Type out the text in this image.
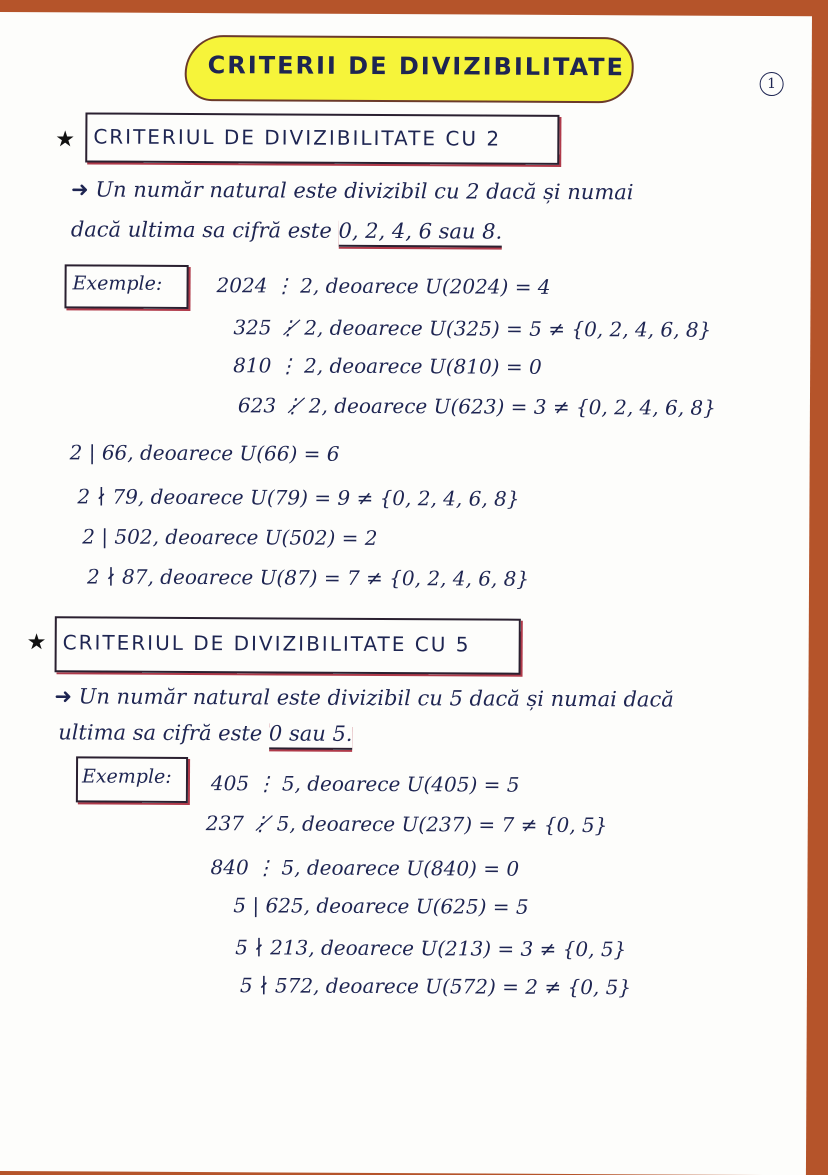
CRITERII DE DIVIZIBILITATE
1
★ CRITERIUL DE DIVIZIBILITATE CU 2
➜ Un număr natural este divizibil cu 2 dacă și numai
dacă ultima sa cifră este 0, 2, 4, 6 sau 8.
Exemple:	2024 ⋮ 2, deoarece U(2024) = 4
325 ⋮̸ 2, deoarece U(325) = 5 ≠ {0, 2, 4, 6, 8}
810 ⋮ 2, deoarece U(810) = 0
623 ⋮̸ 2, deoarece U(623) = 3 ≠ {0, 2, 4, 6, 8}
2 | 66, deoarece U(66) = 6
2 ∤ 79, deoarece U(79) = 9 ≠ {0, 2, 4, 6, 8}
2 | 502, deoarece U(502) = 2
2 ∤ 87, deoarece U(87) = 7 ≠ {0, 2, 4, 6, 8}
★ CRITERIUL DE DIVIZIBILITATE CU 5
➜ Un număr natural este divizibil cu 5 dacă și numai dacă
ultima sa cifră este 0 sau 5.
Exemple: 405 ⋮ 5, deoarece U(405) = 5
237 ⋮̸ 5, deoarece U(237) = 7 ≠ {0, 5}
840 ⋮ 5, deoarece U(840) = 0
5 | 625, deoarece U(625) = 5
5 ∤ 213, deoarece U(213) = 3 ≠ {0, 5}
5 ∤ 572, deoarece U(572) = 2 ≠ {0, 5}
